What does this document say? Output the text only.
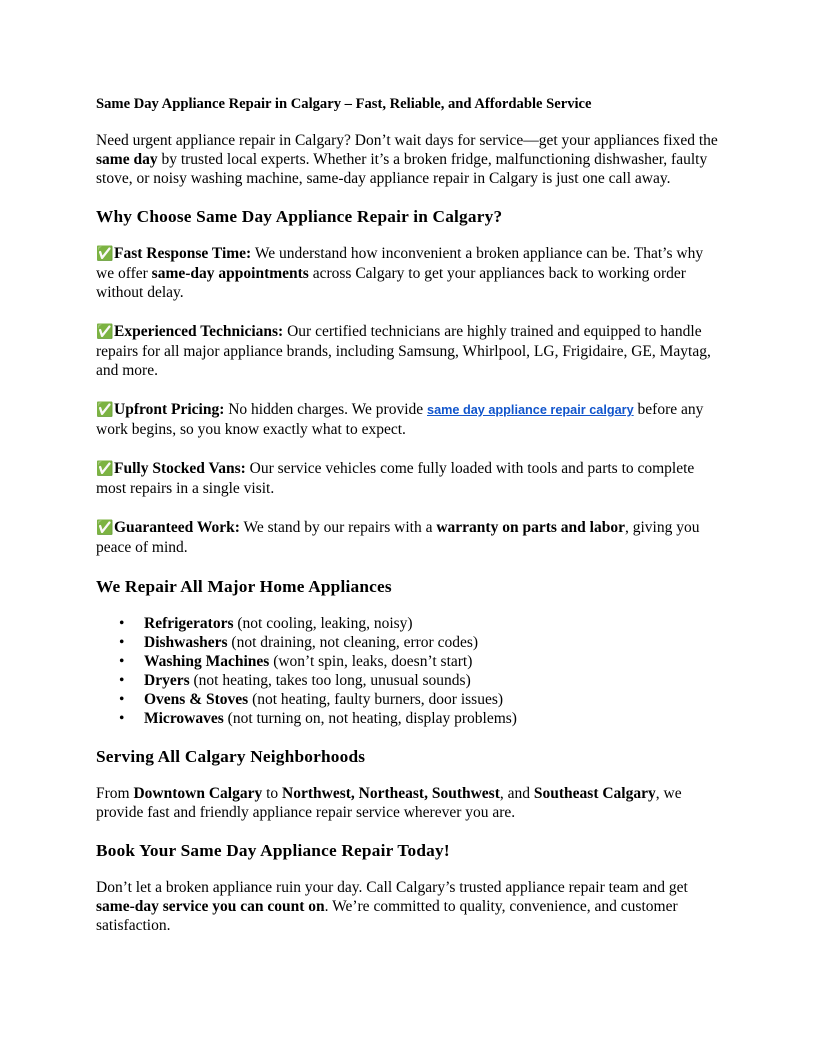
Same Day Appliance Repair in Calgary – Fast, Reliable, and Affordable Service

Need urgent appliance repair in Calgary? Don’t wait days for service—get your appliances fixed the same day by trusted local experts. Whether it’s a broken fridge, malfunctioning dishwasher, faulty stove, or noisy washing machine, same-day appliance repair in Calgary is just one call away.

Why Choose Same Day Appliance Repair in Calgary?

✅Fast Response Time: We understand how inconvenient a broken appliance can be. That’s why we offer same-day appointments across Calgary to get your appliances back to working order without delay.

✅Experienced Technicians: Our certified technicians are highly trained and equipped to handle repairs for all major appliance brands, including Samsung, Whirlpool, LG, Frigidaire, GE, Maytag, and more.

✅Upfront Pricing: No hidden charges. We provide same day appliance repair calgary before any work begins, so you know exactly what to expect.

✅Fully Stocked Vans: Our service vehicles come fully loaded with tools and parts to complete most repairs in a single visit.

✅Guaranteed Work: We stand by our repairs with a warranty on parts and labor, giving you peace of mind.

We Repair All Major Home Appliances
• Refrigerators (not cooling, leaking, noisy)
• Dishwashers (not draining, not cleaning, error codes)
• Washing Machines (won’t spin, leaks, doesn’t start)
• Dryers (not heating, takes too long, unusual sounds)
• Ovens & Stoves (not heating, faulty burners, door issues)
• Microwaves (not turning on, not heating, display problems)
Serving All Calgary Neighborhoods

From Downtown Calgary to Northwest, Northeast, Southwest, and Southeast Calgary, we provide fast and friendly appliance repair service wherever you are.

Book Your Same Day Appliance Repair Today!

Don’t let a broken appliance ruin your day. Call Calgary’s trusted appliance repair team and get same-day service you can count on. We’re committed to quality, convenience, and customer satisfaction.
